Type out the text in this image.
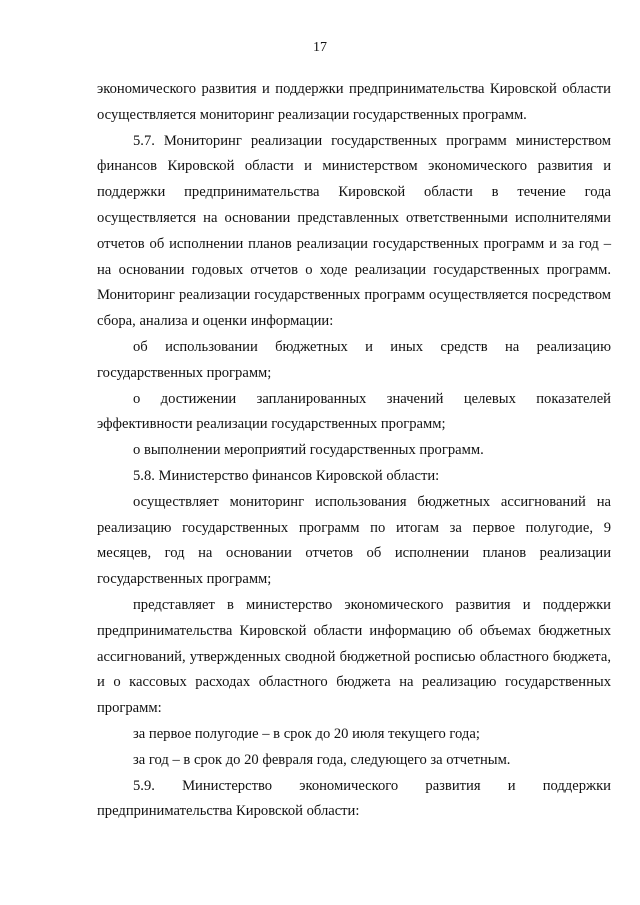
17

экономического развития и поддержки предпринимательства Кировской области осуществляется мониторинг реализации государственных программ.

5.7. Мониторинг реализации государственных программ министерством финансов Кировской области и министерством экономического развития и поддержки предпринимательства Кировской области в течение года осуществляется на основании представленных ответственными исполнителями отчетов об исполнении планов реализации государственных программ и за год – на основании годовых отчетов о ходе реализации государственных программ. Мониторинг реализации государственных программ осуществляется посредством сбора, анализа и оценки информации:

об использовании бюджетных и иных средств на реализацию государственных программ;

о достижении запланированных значений целевых показателей эффективности реализации государственных программ;

о выполнении мероприятий государственных программ.

5.8. Министерство финансов Кировской области:

осуществляет мониторинг использования бюджетных ассигнований на реализацию государственных программ по итогам за первое полугодие, 9 месяцев, год на основании отчетов об исполнении планов реализации государственных программ;

представляет в министерство экономического развития и поддержки предпринимательства Кировской области информацию об объемах бюджетных ассигнований, утвержденных сводной бюджетной росписью областного бюджета, и о кассовых расходах областного бюджета на реализацию государственных программ:

за первое полугодие – в срок до 20 июля текущего года;

за год – в срок до 20 февраля года, следующего за отчетным.

5.9. Министерство экономического развития и поддержки предпринимательства Кировской области:
